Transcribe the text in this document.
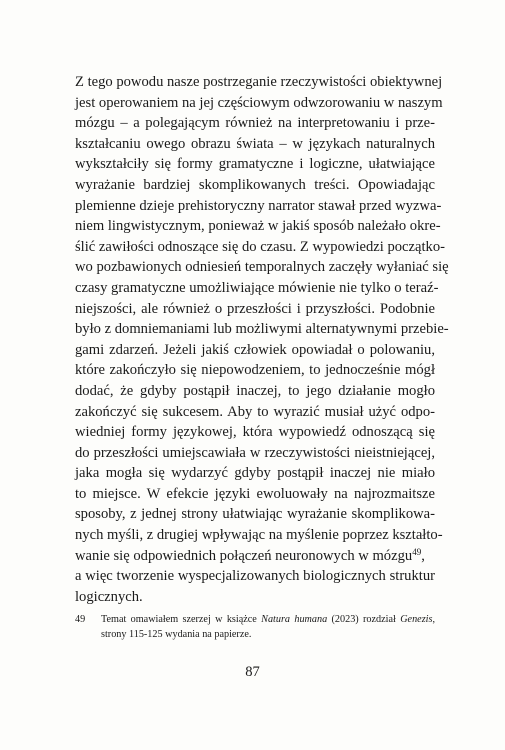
Z tego powodu nasze postrzeganie rzeczywistości obiektywnej
jest operowaniem na jej częściowym odwzorowaniu w naszym
mózgu – a polegającym również na interpretowaniu i prze-
kształcaniu owego obrazu świata – w językach naturalnych
wykształciły się formy gramatyczne i logiczne, ułatwiające
wyrażanie bardziej skomplikowanych treści. Opowiadając
plemienne dzieje prehistoryczny narrator stawał przed wyzwa-
niem lingwistycznym, ponieważ w jakiś sposób należało okre-
ślić zawiłości odnoszące się do czasu. Z wypowiedzi początko-
wo pozbawionych odniesień temporalnych zaczęły wyłaniać się
czasy gramatyczne umożliwiające mówienie nie tylko o teraź-
niejszości, ale również o przeszłości i przyszłości. Podobnie
było z domniemaniami lub możliwymi alternatywnymi przebie-
gami zdarzeń. Jeżeli jakiś człowiek opowiadał o polowaniu,
które zakończyło się niepowodzeniem, to jednocześnie mógł
dodać, że gdyby postąpił inaczej, to jego działanie mogło
zakończyć się sukcesem. Aby to wyrazić musiał użyć odpo-
wiedniej formy językowej, która wypowiedź odnoszącą się
do przeszłości umiejscawiała w rzeczywistości nieistniejącej,
jaka mogła się wydarzyć gdyby postąpił inaczej nie miało
to miejsce. W efekcie języki ewoluowały na najrozmaitsze
sposoby, z jednej strony ułatwiając wyrażanie skomplikowa-
nych myśli, z drugiej wpływając na myślenie poprzez kształto-
wanie się odpowiednich połączeń neuronowych w mózgu$^{49}$,
a więc tworzenie wyspecjalizowanych biologicznych struktur
logicznych.
49 Temat omawiałem szerzej w książce Natura humana (2023) rozdział Genezis,
strony 115-125 wydania na papierze.
87
